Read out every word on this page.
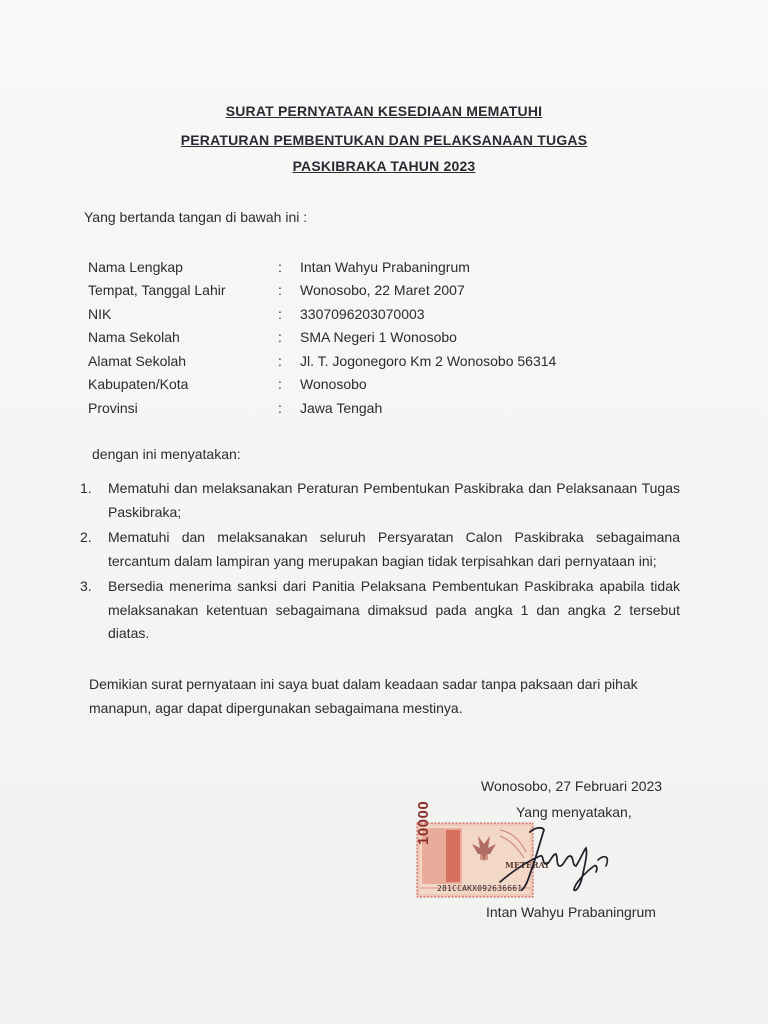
SURAT PERNYATAAN KESEDIAAN MEMATUHI
PERATURAN PEMBENTUKAN DAN PELAKSANAAN TUGAS
PASKIBRAKA TAHUN 2023
Yang bertanda tangan di bawah ini :
Nama Lengkap	:	Intan Wahyu Prabaningrum
Tempat, Tanggal Lahir	:	Wonosobo, 22 Maret 2007
NIK	:	3307096203070003
Nama Sekolah	:	SMA Negeri 1 Wonosobo
Alamat Sekolah	:	Jl. T. Jogonegoro Km 2 Wonosobo 56314
Kabupaten/Kota	:	Wonosobo
Provinsi	:	Jawa Tengah
dengan ini menyatakan:
1.	Mematuhi dan melaksanakan Peraturan Pembentukan Paskibraka dan Pelaksanaan Tugas Paskibraka;
2.	Mematuhi dan melaksanakan seluruh Persyaratan Calon Paskibraka sebagaimana tercantum dalam lampiran yang merupakan bagian tidak terpisahkan dari pernyataan ini;
3.	Bersedia menerima sanksi dari Panitia Pelaksana Pembentukan Paskibraka apabila tidak melaksanakan ketentuan sebagaimana dimaksud pada angka 1 dan angka 2 tersebut diatas.
Demikian surat pernyataan ini saya buat dalam keadaan sadar tanpa paksaan dari pihak manapun, agar dapat dipergunakan sebagaimana mestinya.
Wonosobo, 27 Februari 2023
Yang menyatakan,
10000
METERAI
281CCAKX092636661
Intan Wahyu Prabaningrum
